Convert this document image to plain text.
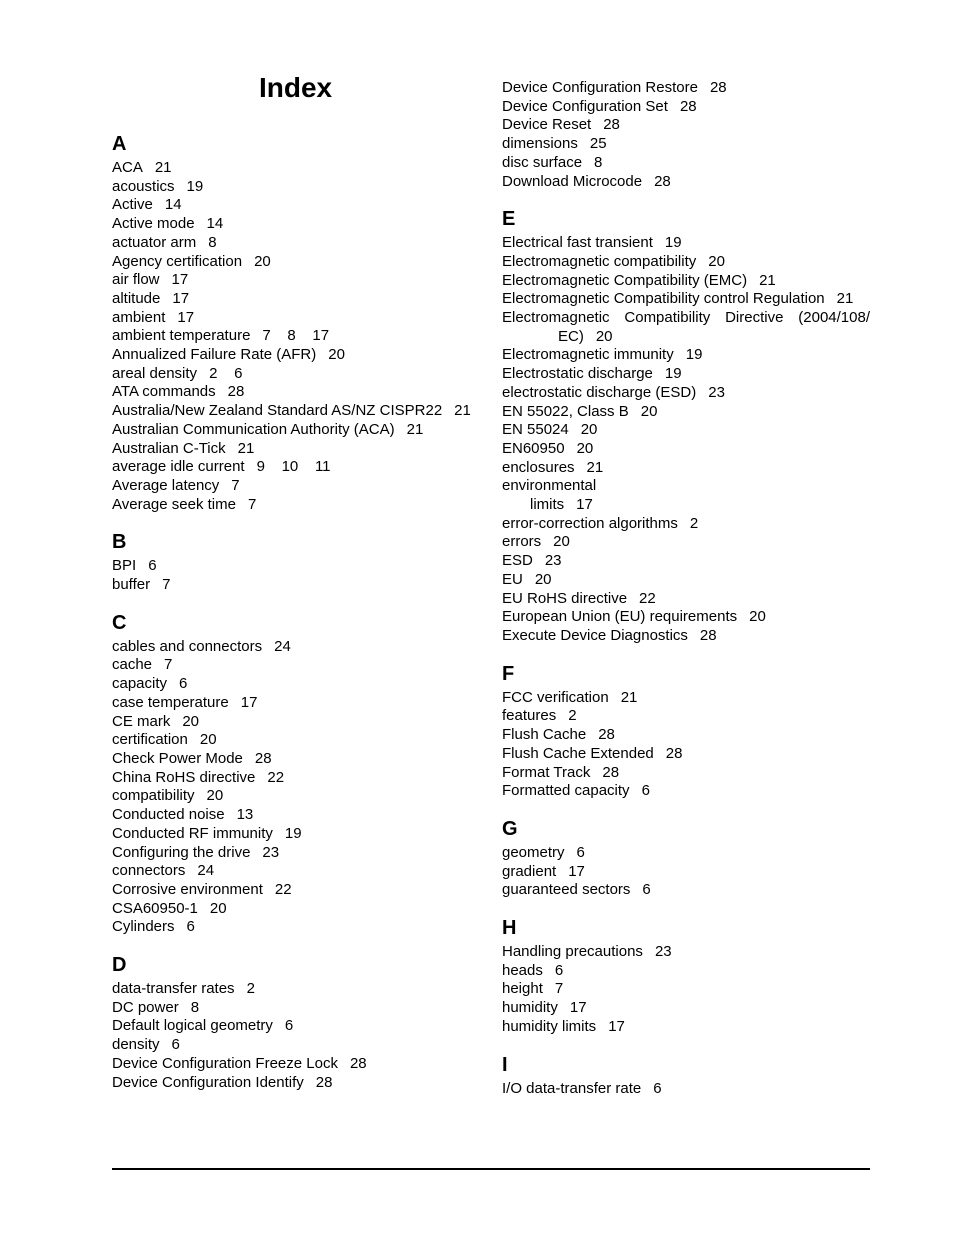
Index
A
ACA 21
acoustics 19
Active 14
Active mode 14
actuator arm 8
Agency certification 20
air flow 17
altitude 17
ambient 17
ambient temperature 7    8    17
Annualized Failure Rate (AFR) 20
areal density 2    6
ATA commands 28
Australia/New Zealand Standard AS/NZ CISPR22 21
Australian Communication Authority (ACA) 21
Australian C-Tick 21
average idle current 9    10    11
Average latency 7
Average seek time 7
B
BPI 6
buffer 7
C
cables and connectors 24
cache 7
capacity 6
case temperature 17
CE mark 20
certification 20
Check Power Mode 28
China RoHS directive 22
compatibility 20
Conducted noise 13
Conducted RF immunity 19
Configuring the drive 23
connectors 24
Corrosive environment 22
CSA60950-1 20
Cylinders 6
D
data-transfer rates 2
DC power 8
Default logical geometry 6
density 6
Device Configuration Freeze Lock 28
Device Configuration Identify 28
Device Configuration Restore 28
Device Configuration Set 28
Device Reset 28
dimensions 25
disc surface 8
Download Microcode 28
E
Electrical fast transient 19
Electromagnetic compatibility 20
Electromagnetic Compatibility (EMC) 21
Electromagnetic Compatibility control Regulation 21
Electromagnetic Compatibility Directive (2004/108/
EC) 20
Electromagnetic immunity 19
Electrostatic discharge 19
electrostatic discharge (ESD) 23
EN 55022, Class B 20
EN 55024 20
EN60950 20
enclosures 21
environmental
limits 17
error-correction algorithms 2
errors 20
ESD 23
EU 20
EU RoHS directive 22
European Union (EU) requirements 20
Execute Device Diagnostics 28
F
FCC verification 21
features 2
Flush Cache 28
Flush Cache Extended 28
Format Track 28
Formatted capacity 6
G
geometry 6
gradient 17
guaranteed sectors 6
H
Handling precautions 23
heads 6
height 7
humidity 17
humidity limits 17
I
I/O data-transfer rate 6
